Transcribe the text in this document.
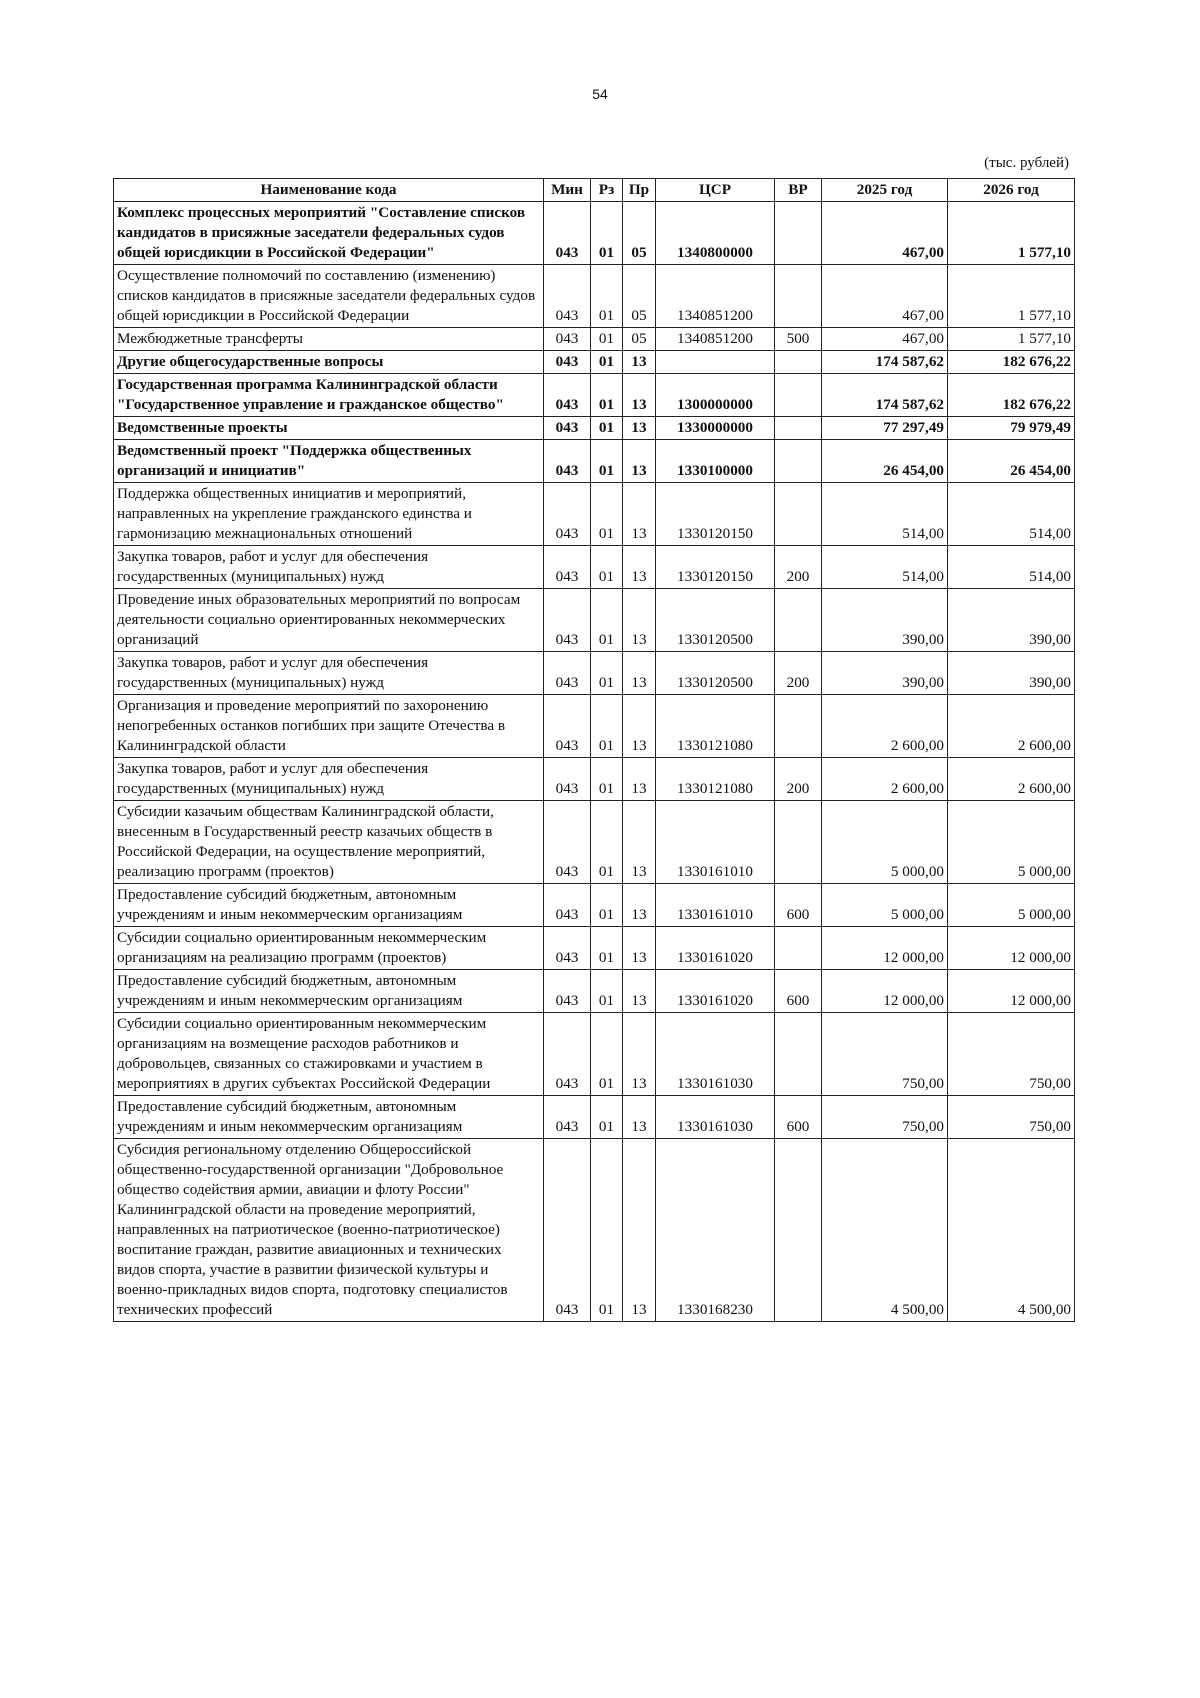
54
(тыс. рублей)
Наименование кода	Мин	Рз	Пр	ЦСР	ВР	2025 год	2026 год
Комплекс процессных мероприятий "Составление списков кандидатов в присяжные заседатели федеральных судов общей юрисдикции в Российской Федерации"	043	01	05	1340800000		467,00	1 577,10
Осуществление полномочий по составлению (изменению) списков кандидатов в присяжные заседатели федеральных судов общей юрисдикции в Российской Федерации	043	01	05	1340851200		467,00	1 577,10
Межбюджетные трансферты	043	01	05	1340851200	500	467,00	1 577,10
Другие общегосударственные вопросы	043	01	13			174 587,62	182 676,22
Государственная программа Калининградской области "Государственное управление и гражданское общество"	043	01	13	1300000000		174 587,62	182 676,22
Ведомственные проекты	043	01	13	1330000000		77 297,49	79 979,49
Ведомственный проект "Поддержка общественных организаций и инициатив"	043	01	13	1330100000		26 454,00	26 454,00
Поддержка общественных инициатив и мероприятий, направленных на укрепление гражданского единства и гармонизацию межнациональных отношений	043	01	13	1330120150		514,00	514,00
Закупка товаров, работ и услуг для обеспечения государственных (муниципальных) нужд	043	01	13	1330120150	200	514,00	514,00
Проведение иных образовательных мероприятий по вопросам деятельности социально ориентированных некоммерческих организаций	043	01	13	1330120500		390,00	390,00
Закупка товаров, работ и услуг для обеспечения государственных (муниципальных) нужд	043	01	13	1330120500	200	390,00	390,00
Организация и проведение мероприятий по захоронению непогребенных останков погибших при защите Отечества в Калининградской области	043	01	13	1330121080		2 600,00	2 600,00
Закупка товаров, работ и услуг для обеспечения государственных (муниципальных) нужд	043	01	13	1330121080	200	2 600,00	2 600,00
Субсидии казачьим обществам Калининградской области, внесенным в Государственный реестр казачьих обществ в Российской Федерации, на осуществление мероприятий, реализацию программ (проектов)	043	01	13	1330161010		5 000,00	5 000,00
Предоставление субсидий бюджетным, автономным учреждениям и иным некоммерческим организациям	043	01	13	1330161010	600	5 000,00	5 000,00
Субсидии социально ориентированным некоммерческим организациям на реализацию программ (проектов)	043	01	13	1330161020		12 000,00	12 000,00
Предоставление субсидий бюджетным, автономным учреждениям и иным некоммерческим организациям	043	01	13	1330161020	600	12 000,00	12 000,00
Субсидии социально ориентированным некоммерческим организациям на возмещение расходов работников и добровольцев, связанных со стажировками и участием в мероприятиях в других субъектах Российской Федерации	043	01	13	1330161030		750,00	750,00
Предоставление субсидий бюджетным, автономным учреждениям и иным некоммерческим организациям	043	01	13	1330161030	600	750,00	750,00
Субсидия региональному отделению Общероссийской общественно-государственной организации "Добровольное общество содействия армии, авиации и флоту России" Калининградской области на проведение мероприятий, направленных на патриотическое (военно-патриотическое) воспитание граждан, развитие авиационных и технических видов спорта, участие в развитии физической культуры и военно-прикладных видов спорта, подготовку специалистов технических профессий	043	01	13	1330168230		4 500,00	4 500,00
